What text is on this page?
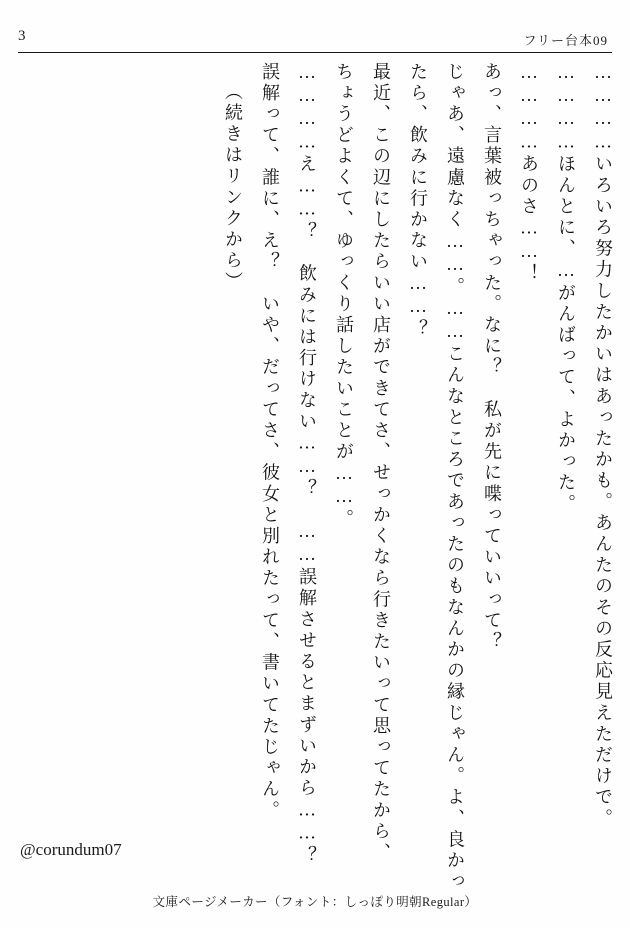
3	フリー台本09
…………いろいろ努力したかいはあったかも。あんたのその反応見えただけで。
…………ほんとに、…がんばって、よかった。
…………あのさ……！
あっ、言葉被っちゃった。なに？　私が先に喋っていいって？
じゃあ、遠慮なく……。……こんなところであったのもなんかの縁じゃん。よ、良かっ
たら、飲みに行かない……？
最近、この辺にしたらいい店ができてさ、せっかくなら行きたいって思ってたから、
ちょうどよくて、ゆっくり話したいことが……。
…………え……？　飲みには行けない……？　……誤解させるとまずいから……？
誤解って、誰に、え？　いや、だってさ、彼女と別れたって、書いてたじゃん。
（続きはリンクから）
@corundum07
文庫ページメーカー（フォント：しっぽり明朝Regular）
